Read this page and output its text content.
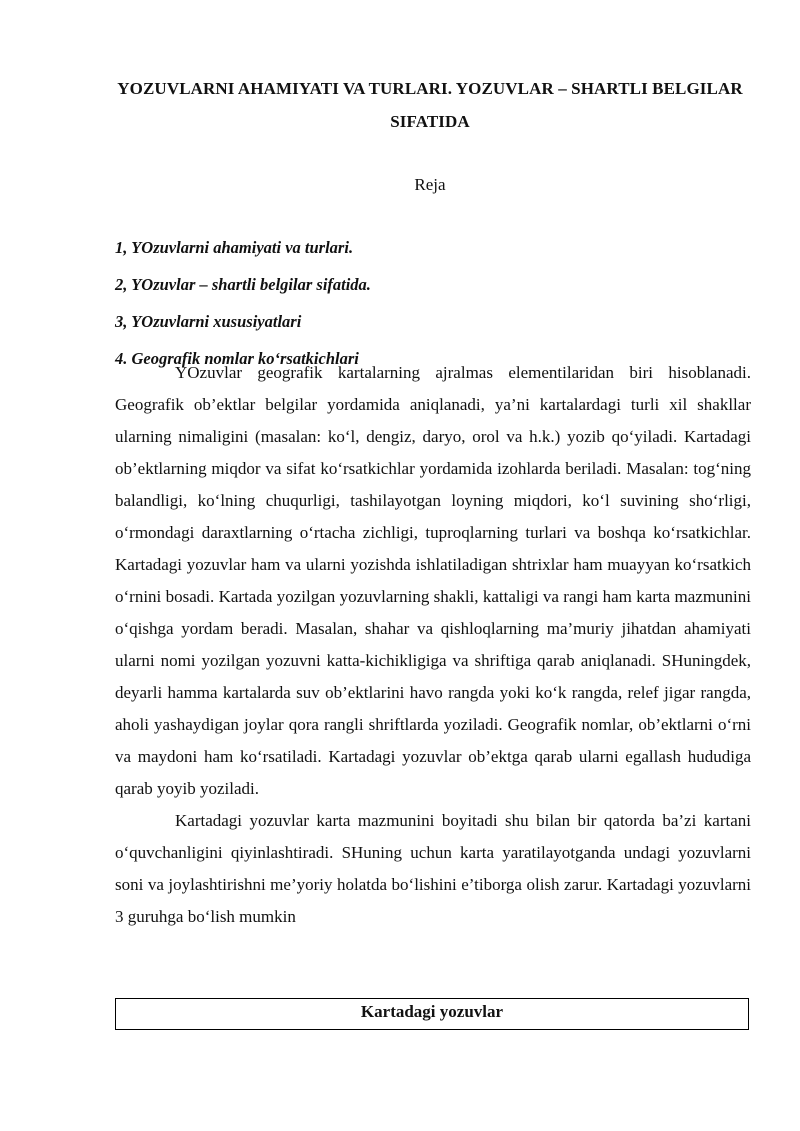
YOZUVLARNI AHAMIYATI VA TURLARI. YOZUVLAR – SHARTLI BELGILAR SIFATIDA
Reja
1, YOzuvlarni ahamiyati va turlari.
2, YOzuvlar – shartli belgilar sifatida.
3, YOzuvlarni xususiyatlari
4. Geografik nomlar ko‘rsatkichlari

YOzuvlar geografik kartalarning ajralmas elementilaridan biri hisoblanadi. Geografik ob’ektlar belgilar yordamida aniqlanadi, ya’ni kartalardagi turli xil shakllar ularning nimaligini (masalan: ko‘l, dengiz, daryo, orol va h.k.) yozib qo‘yiladi. Kartadagi ob’ektlarning miqdor va sifat ko‘rsatkichlar yordamida izohlarda beriladi. Masalan: tog‘ning balandligi, ko‘lning chuqurligi, tashilayotgan loyning miqdori, ko‘l suvining sho‘rligi, o‘rmondagi daraxtlarning o‘rtacha zichligi, tuproqlarning turlari va boshqa ko‘rsatkichlar. Kartadagi yozuvlar ham va ularni yozishda ishlatiladigan shtrixlar ham muayyan ko‘rsatkich o‘rnini bosadi. Kartada yozilgan yozuvlarning shakli, kattaligi va rangi ham karta mazmunini o‘qishga yordam beradi. Masalan, shahar va qishloqlarning ma’muriy jihatdan ahamiyati ularni nomi yozilgan yozuvni katta-kichikligiga va shriftiga qarab aniqlanadi. SHuningdek, deyarli hamma kartalarda suv ob’ektlarini havo rangda yoki ko‘k rangda, relef jigar rangda, aholi yashaydigan joylar qora rangli shriftlarda yoziladi. Geografik nomlar, ob’ektlarni o‘rni va maydoni ham ko‘rsatiladi. Kartadagi yozuvlar ob’ektga qarab ularni egallash hududiga qarab yoyib yoziladi.

Kartadagi yozuvlar karta mazmunini boyitadi shu bilan bir qatorda ba’zi kartani o‘quvchanligini qiyinlashtiradi. SHuning uchun karta yaratilayotganda undagi yozuvlarni soni va joylashtirishni me’yoriy holatda bo‘lishini e’tiborga olish zarur. Kartadagi yozuvlarni 3 guruhga bo‘lish mumkin

Kartadagi yozuvlar
